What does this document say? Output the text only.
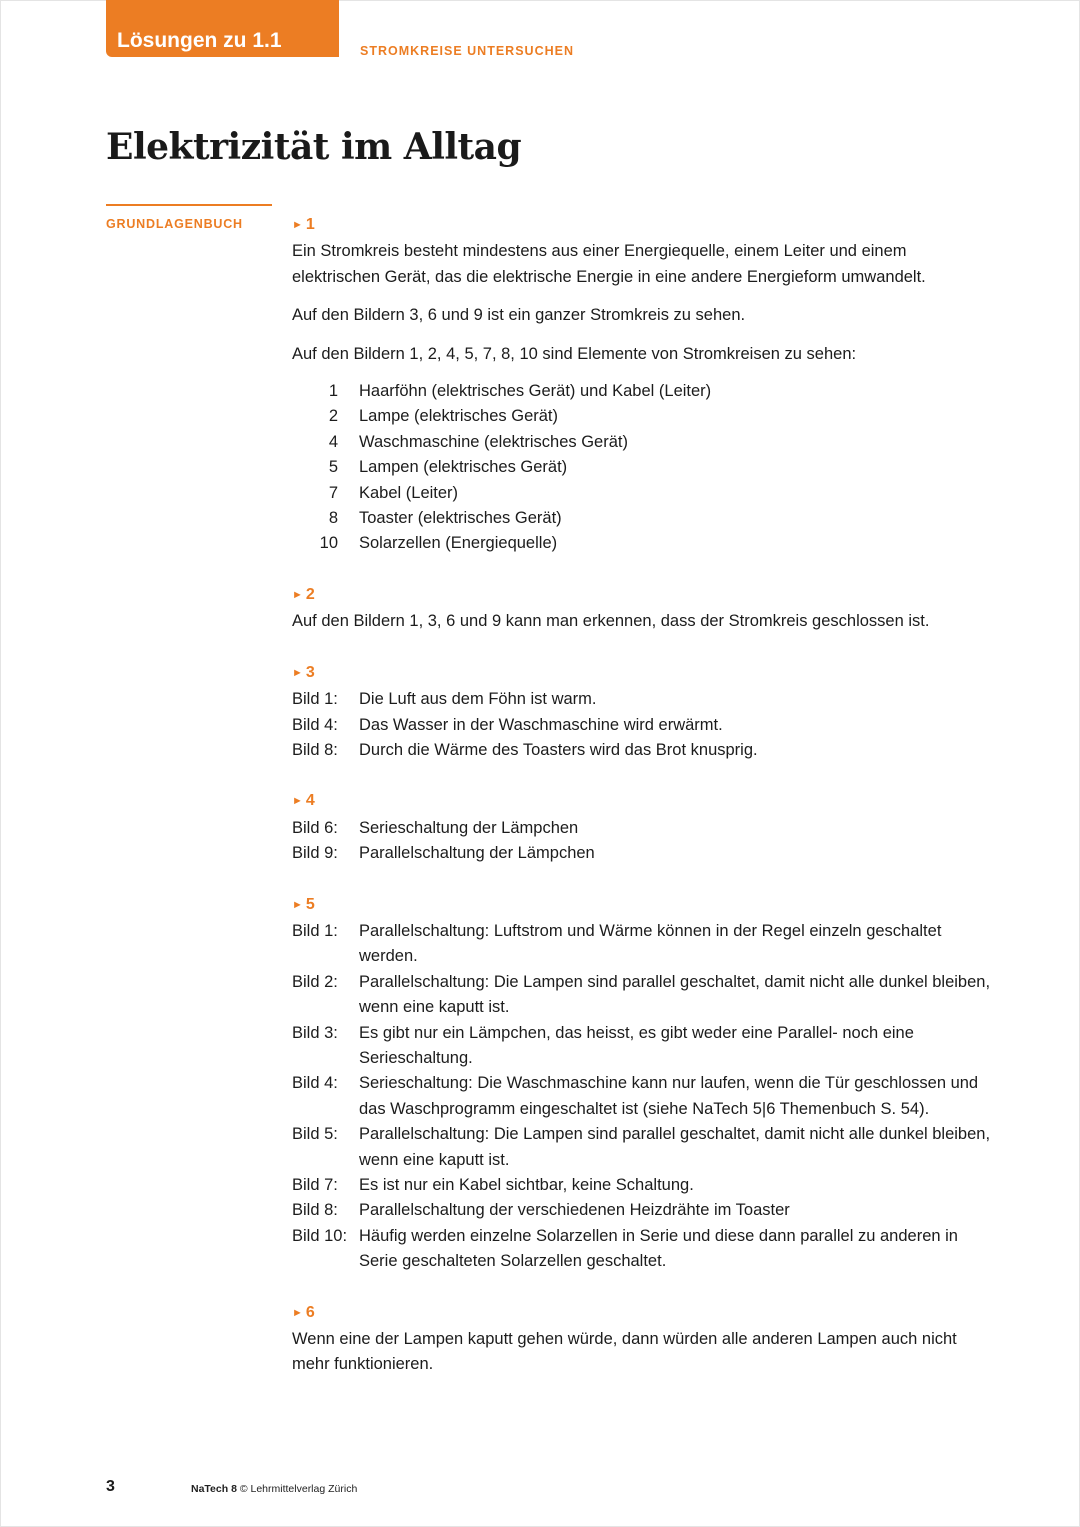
Lösungen zu 1.1	STROMKREISE UNTERSUCHEN
Elektrizität im Alltag
GRUNDLAGENBUCH	► 1

Ein Stromkreis besteht mindestens aus einer Energiequelle, einem Leiter und einem elektrischen Gerät, das die elektrische Energie in eine andere Energieform umwandelt.

Auf den Bildern 3, 6 und 9 ist ein ganzer Stromkreis zu sehen.

Auf den Bildern 1, 2, 4, 5, 7, 8, 10 sind Elemente von Stromkreisen zu sehen:

1	Haarföhn (elektrisches Gerät) und Kabel (Leiter)
2	Lampe (elektrisches Gerät)
4	Waschmaschine (elektrisches Gerät)
5	Lampen (elektrisches Gerät)
7	Kabel (Leiter)
8	Toaster (elektrisches Gerät)
10	Solarzellen (Energiequelle)
► 2

Auf den Bildern 1, 3, 6 und 9 kann man erkennen, dass der Stromkreis geschlossen ist.

► 3
Bild 1:	Die Luft aus dem Föhn ist warm.
Bild 4:	Das Wasser in der Waschmaschine wird erwärmt.
Bild 8:	Durch die Wärme des Toasters wird das Brot knusprig.
► 4
Bild 6:	Serieschaltung der Lämpchen
Bild 9:	Parallelschaltung der Lämpchen
► 5
Bild 1:	Parallelschaltung: Luftstrom und Wärme können in der Regel einzeln geschaltet werden.
Bild 2:	Parallelschaltung: Die Lampen sind parallel geschaltet, damit nicht alle dunkel bleiben, wenn eine kaputt ist.
Bild 3:	Es gibt nur ein Lämpchen, das heisst, es gibt weder eine Parallel- noch eine Serieschaltung.
Bild 4:	Serieschaltung: Die Waschmaschine kann nur laufen, wenn die Tür geschlossen und das Waschprogramm eingeschaltet ist (siehe NaTech 5|6 Themenbuch S. 54).
Bild 5:	Parallelschaltung: Die Lampen sind parallel geschaltet, damit nicht alle dunkel bleiben, wenn eine kaputt ist.
Bild 7:	Es ist nur ein Kabel sichtbar, keine Schaltung.
Bild 8:	Parallelschaltung der verschiedenen Heizdrähte im Toaster
Bild 10: Häufig werden einzelne Solarzellen in Serie und diese dann parallel zu anderen in Serie geschalteten Solarzellen geschaltet.
► 6

Wenn eine der Lampen kaputt gehen würde, dann würden alle anderen Lampen auch nicht mehr funktionieren.

3	NaTech 8 © Lehrmittelverlag Zürich
